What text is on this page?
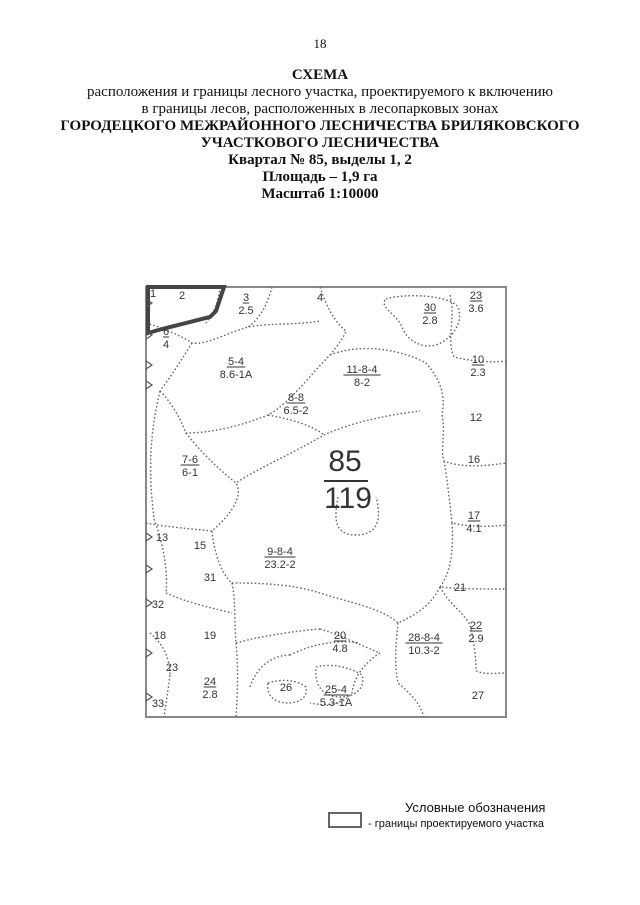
18
СХЕМА
расположения и границы лесного участка, проектируемого к включению
в границы лесов, расположенных в лесопарковых зонах
ГОРОДЕЦКОГО МЕЖРАЙОННОГО ЛЕСНИЧЕСТВА БРИЛЯКОВСКОГО
УЧАСТКОВОГО ЛЕСНИЧЕСТВА
Квартал № 85, выделы 1, 2
Площадь – 1,9 га
Масштаб 1:10000
85
119
1 2	3
2.5
4
30
2.8
23
3.6
6
4
5-4
8.6-1А	11-8-4
8-2
10
2.3
8-8
6.5-2
12
16
7-6
6-1
17
4.1
13
15	9-8-4
23.2-2
31
21
32
18	19	20
4.8
28-8-4
10.3-2
22
2.9
23
24
2.8
26	25-4
5.3-1А
27
33
Условные обозначения
- границы проектируемого участка
